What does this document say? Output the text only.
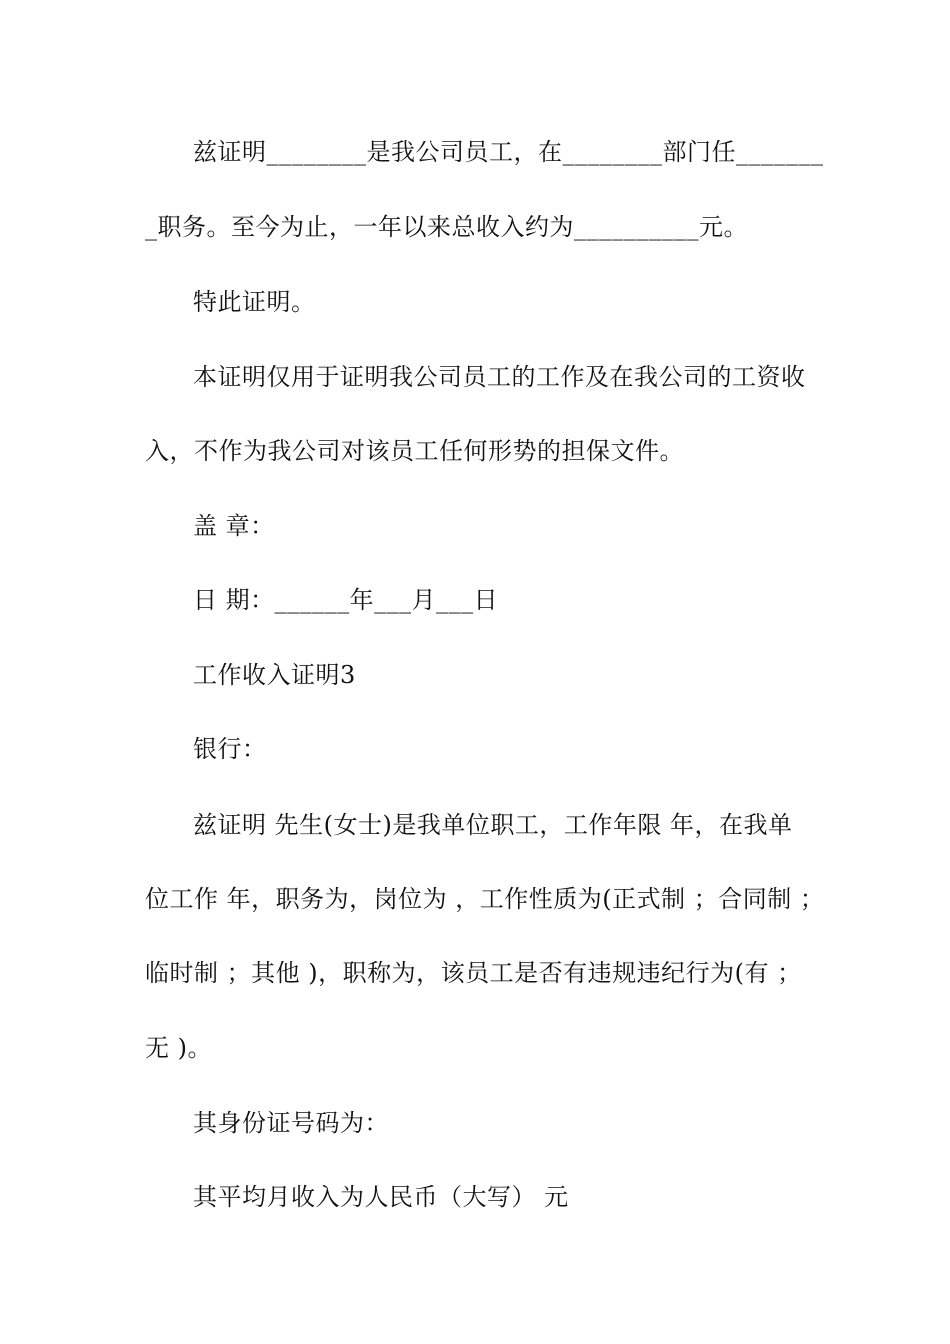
兹证明________是我公司员工，在________部门任_______
_职务。至今为止，一年以来总收入约为__________元。
特此证明。
本证明仅用于证明我公司员工的工作及在我公司的工资收
入，不作为我公司对该员工任何形势的担保文件。
盖 章：
日 期：______年___月___日
工作收入证明3
银行：
兹证明 先生(女士)是我单位职工，工作年限 年，在我单
位工作 年，职务为，岗位为 ，工作性质为(正式制 ；合同制 ；
临时制 ；其他 )，职称为，该员工是否有违规违纪行为(有 ；
无 )。
其身份证号码为：
其平均月收入为人民币（大写） 元
